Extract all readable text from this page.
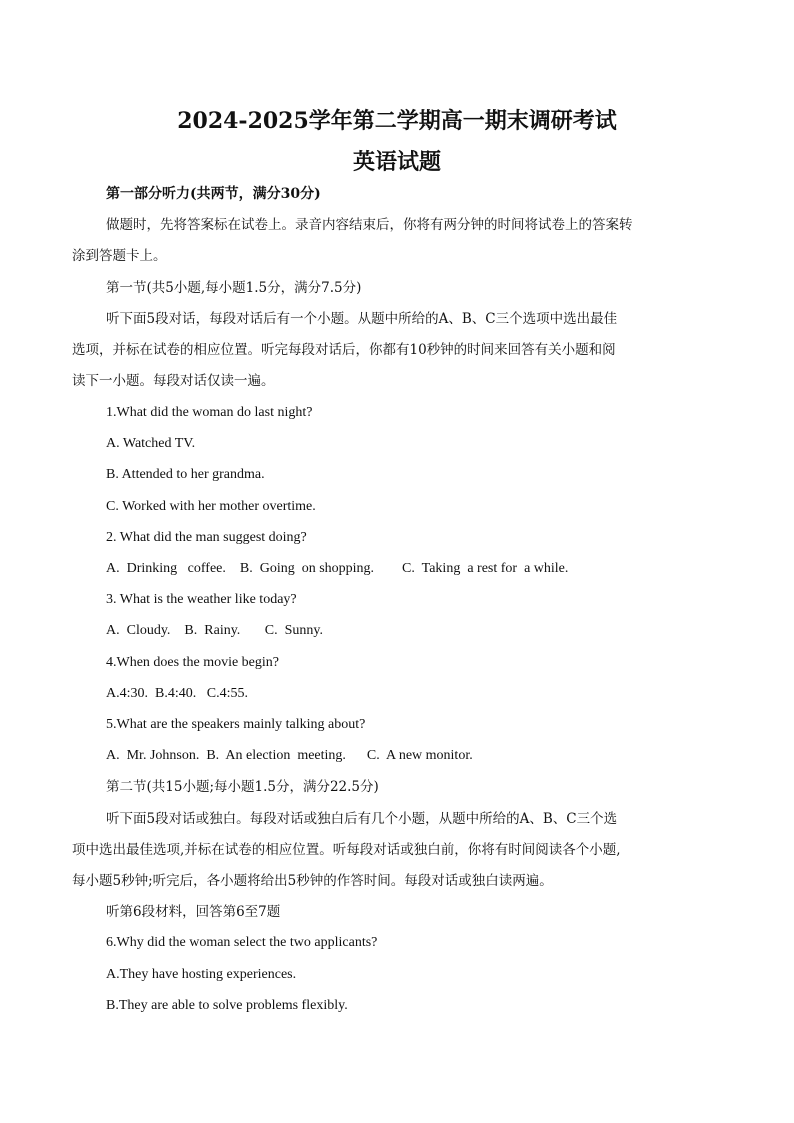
2024-2025学年第二学期高一期末调研考试
英语试题
第一部分听力(共两节，满分30分)
做题时，先将答案标在试卷上。录音内容结束后，你将有两分钟的时间将试卷上的答案转
涂到答题卡上。
第一节(共5小题,每小题1.5分，满分7.5分)
听下面5段对话，每段对话后有一个小题。从题中所给的A、B、C三个选项中选出最佳
选项，并标在试卷的相应位置。听完每段对话后，你都有10秒钟的时间来回答有关小题和阅
读下一小题。每段对话仅读一遍。
1.What did the woman do last night?
A. Watched TV.
B. Attended to her grandma.
C. Worked with her mother overtime.
2. What did the man suggest doing?
A.  Drinking   coffee.    B.  Going  on shopping.        C.  Taking  a rest for  a while.
3. What is the weather like today?
A.  Cloudy.    B.  Rainy.       C.  Sunny.
4.When does the movie begin?
A.4:30.  B.4:40.   C.4:55.
5.What are the speakers mainly talking about?
A.  Mr. Johnson.  B.  An election  meeting.      C.  A new monitor.
第二节(共15小题;每小题1.5分，满分22.5分)
听下面5段对话或独白。每段对话或独白后有几个小题，从题中所给的A、B、C三个选
项中选出最佳选项,并标在试卷的相应位置。听每段对话或独白前，你将有时间阅读各个小题,
每小题5秒钟;听完后，各小题将给出5秒钟的作答时间。每段对话或独白读两遍。
听第6段材料，回答第6至7题
6.Why did the woman select the two applicants?
A.They have hosting experiences.
B.They are able to solve problems flexibly.
